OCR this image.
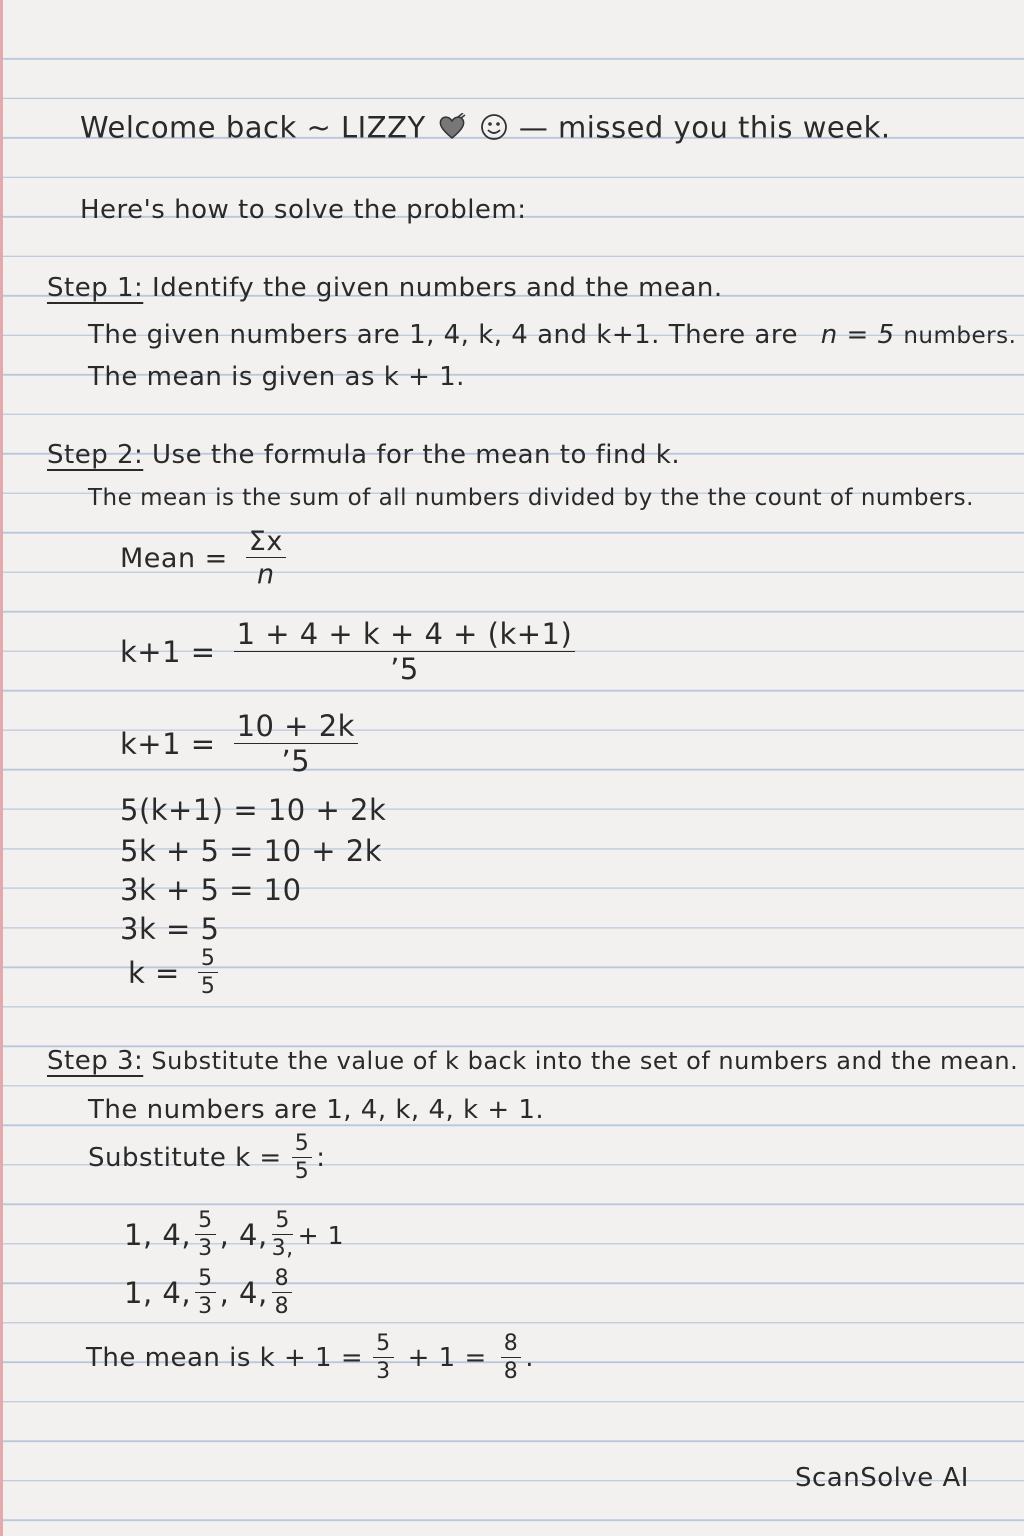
Welcome back ~ LIZZY	— missed you this week.
Here's how to solve the problem:
Step 1: Identify the given numbers and the mean.
The given numbers are 1, 4, k, 4 and k+1. There are n = 5 numbers.
The mean is given as k + 1.
Step 2: Use the formula for the mean to find k.
The mean is the sum of all numbers divided by the the count of numbers.
Mean = $\frac{\Sigma x}{n}$
$k+1 = \frac{1 + 4 + k + 4 + (k+1)}{’5}$
$k+1 = \frac{10 + 2k}{’5}$
5(k+1) = 10 + 2k
5k + 5 = 10 + 2k
3k + 5 = 10
3k = 5
$k = \frac{5}{5}$
Step 3: Substitute the value of k back into the set of numbers and the mean.
The numbers are 1, 4, k, 4, k + 1.
Substitute $k = \frac{5}{5}$ :
1, 4, $\frac{5}{3}$ , 4, $\frac{5}{3,} + 1$
1, 4, $\frac{5}{3}$ , 4, $\frac{8}{8}$
The mean is $k + 1 = \frac{5}{3} + 1 = \frac{8}{8}$ .
ScanSolve AI
